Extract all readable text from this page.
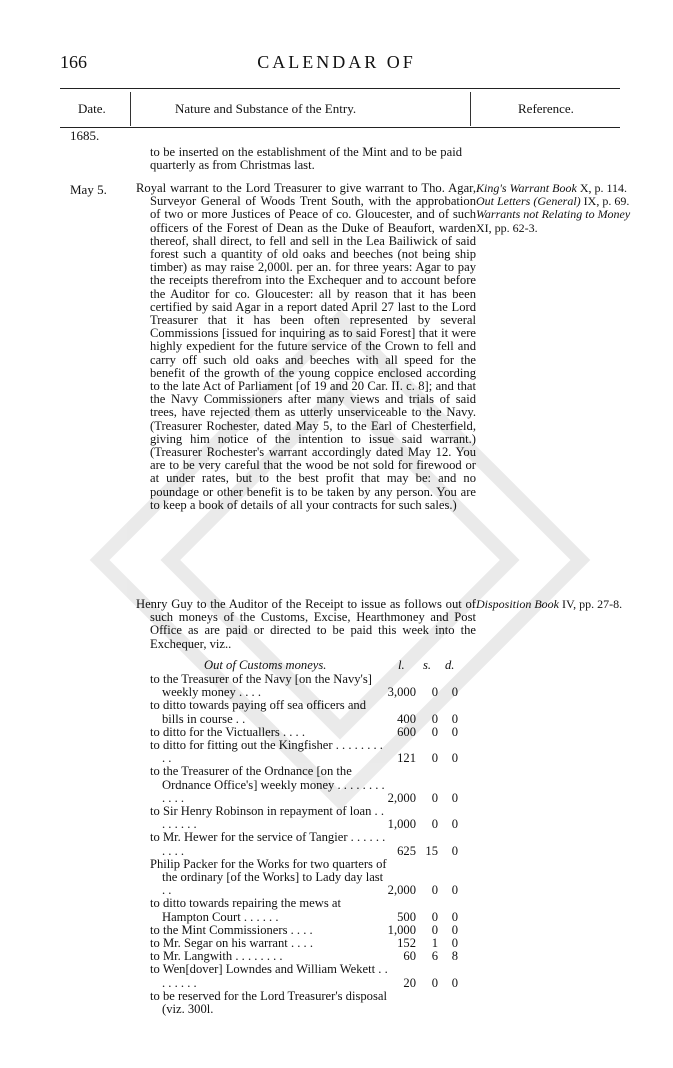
166	CALENDAR OF
Date.	Nature and Substance of the Entry.	Reference.
1685.
to be inserted on the establishment of the Mint and to be paid quarterly as from Christmas last.
May 5. Royal warrant to the Lord Treasurer to give warrant to Tho. Agar, Surveyor General of Woods Trent South, with the approbation of two or more Justices of Peace of co. Gloucester, and of such officers of the Forest of Dean as the Duke of Beaufort, warden thereof, shall direct, to fell and sell in the Lea Bailiwick of said forest such a quantity of old oaks and beeches (not being ship timber) as may raise 2,000l. per an. for three years: Agar to pay the receipts therefrom into the Exchequer and to account before the Auditor for co. Gloucester: all by reason that it has been certified by said Agar in a report dated April 27 last to the Lord Treasurer that it has been often represented by several Commissions [issued for inquiring as to said Forest] that it were highly expedient for the future service of the Crown to fell and carry off such old oaks and beeches with all speed for the benefit of the growth of the young coppice enclosed according to the late Act of Parliament [of 19 and 20 Car. II. c. 8]; and that the Navy Commissioners after many views and trials of said trees, have rejected them as utterly unserviceable to the Navy. (Treasurer Rochester, dated May 5, to the Earl of Chesterfield, giving him notice of the intention to issue said warrant.) (Treasurer Rochester's warrant accordingly dated May 12. You are to be very careful that the wood be not sold for firewood or at under rates, but to the best profit that may be: and no poundage or other benefit is to be taken by any person. You are to keep a book of details of all your contracts for such sales.)
King's Warrant Book X, p. 114. Out Letters (General) IX, p. 69. Warrants not Relating to Money XI, pp. 62-3.
Henry Guy to the Auditor of the Receipt to issue as follows out of such moneys of the Customs, Excise, Hearthmoney and Post Office as are paid or directed to be paid this week into the Exchequer, viz..
Disposition Book IV, pp. 27-8.
Out of Customs moneys.	l. s. d.
to the Treasurer of the Navy [on the Navy's] weekly money . . . .	3,000 0 0
to ditto towards paying off sea officers and bills in course . .	400 0 0
to ditto for the Victuallers . . . .	600 0 0
to ditto for fitting out the Kingfisher . . . . . . . . . .	121 0 0
to the Treasurer of the Ordnance [on the Ordnance Office's] weekly money . . . . . . . . . . . .	2,000 0 0
to Sir Henry Robinson in repayment of loan . . . . . . . .	1,000 0 0
to Mr. Hewer for the service of Tangier . . . . . . . . . .	625 15 0
Philip Packer for the Works for two quarters of the ordinary [of the Works] to Lady day last . .	2,000 0 0
to ditto towards repairing the mews at Hampton Court . . . . . .	500 0 0
to the Mint Commissioners . . . .	1,000 0 0
to Mr. Segar on his warrant . . . .	152 1 0
to Mr. Langwith . . . . . . . .	60 6 8
to Wen[dover] Lowndes and William Wekett . . . . . . . .	20 0 0
to be reserved for the Lord Treasurer's disposal (viz. 300l.
